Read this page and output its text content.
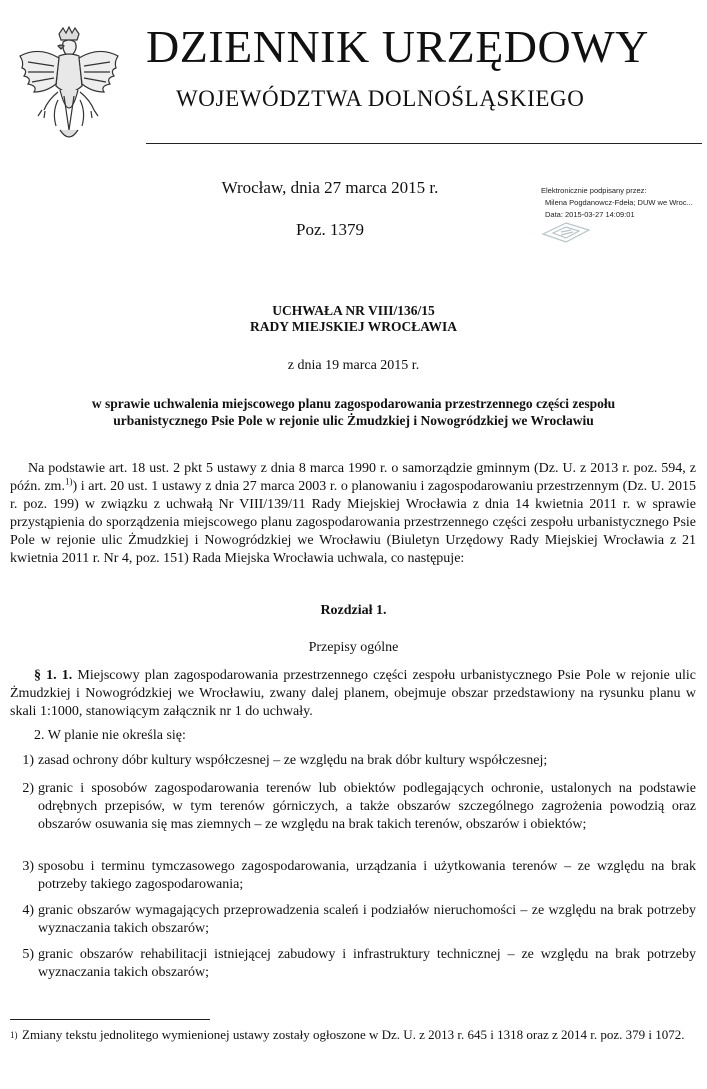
DZIENNIK URZĘDOWY
WOJEWÓDZTWA DOLNOŚLĄSKIEGO
Wrocław, dnia 27 marca 2015 r.
Poz. 1379
Elektronicznie podpisany przez:
Milena Pogdanowcz-Fdeła; DUW we Wroc...
Data: 2015-03-27 14:09:01
UCHWAŁA NR VIII/136/15
RADY MIEJSKIEJ WROCŁAWIA
z dnia 19 marca 2015 r.
w sprawie uchwalenia miejscowego planu zagospodarowania przestrzennego części zespołu
urbanistycznego Psie Pole w rejonie ulic Żmudzkiej i Nowogródzkiej we Wrocławiu
Na podstawie art. 18 ust. 2 pkt 5 ustawy z dnia 8 marca 1990 r. o samorządzie gminnym (Dz. U. z 2013 r. poz. 594, z późn. zm.$^{1)}$) i art. 20 ust. 1 ustawy z dnia 27 marca 2003 r. o planowaniu i zagospodarowaniu przestrzennym (Dz. U. 2015 r. poz. 199) w związku z uchwałą Nr VIII/139/11 Rady Miejskiej Wrocławia z dnia 14 kwietnia 2011 r. w sprawie przystąpienia do sporządzenia miejscowego planu zagospodarowania przestrzennego części zespołu urbanistycznego Psie Pole w rejonie ulic Żmudzkiej i Nowogródzkiej we Wrocławiu (Biuletyn Urzędowy Rady Miejskiej Wrocławia z 21 kwietnia 2011 r. Nr 4, poz. 151) Rada Miejska Wrocławia uchwala, co następuje:
Rozdział 1.
Przepisy ogólne
§ 1. 1. Miejscowy plan zagospodarowania przestrzennego części zespołu urbanistycznego Psie Pole w rejonie ulic Żmudzkiej i Nowogródzkiej we Wrocławiu, zwany dalej planem, obejmuje obszar przedstawiony na rysunku planu w skali 1:1000, stanowiącym załącznik nr 1 do uchwały.
2. W planie nie określa się:
1) zasad ochrony dóbr kultury współczesnej – ze względu na brak dóbr kultury współczesnej;
2) granic i sposobów zagospodarowania terenów lub obiektów podlegających ochronie, ustalonych na podstawie odrębnych przepisów, w tym terenów górniczych, a także obszarów szczególnego zagrożenia powodzią oraz obszarów osuwania się mas ziemnych – ze względu na brak takich terenów, obszarów i obiektów;
3) sposobu i terminu tymczasowego zagospodarowania, urządzania i użytkowania terenów – ze względu na brak potrzeby takiego zagospodarowania;
4) granic obszarów wymagających przeprowadzenia scaleń i podziałów nieruchomości – ze względu na brak potrzeby wyznaczania takich obszarów;
5) granic obszarów rehabilitacji istniejącej zabudowy i infrastruktury technicznej – ze względu na brak potrzeby wyznaczania takich obszarów;
1) Zmiany tekstu jednolitego wymienionej ustawy zostały ogłoszone w Dz. U. z 2013 r. 645 i 1318 oraz z 2014 r. poz. 379 i 1072.
